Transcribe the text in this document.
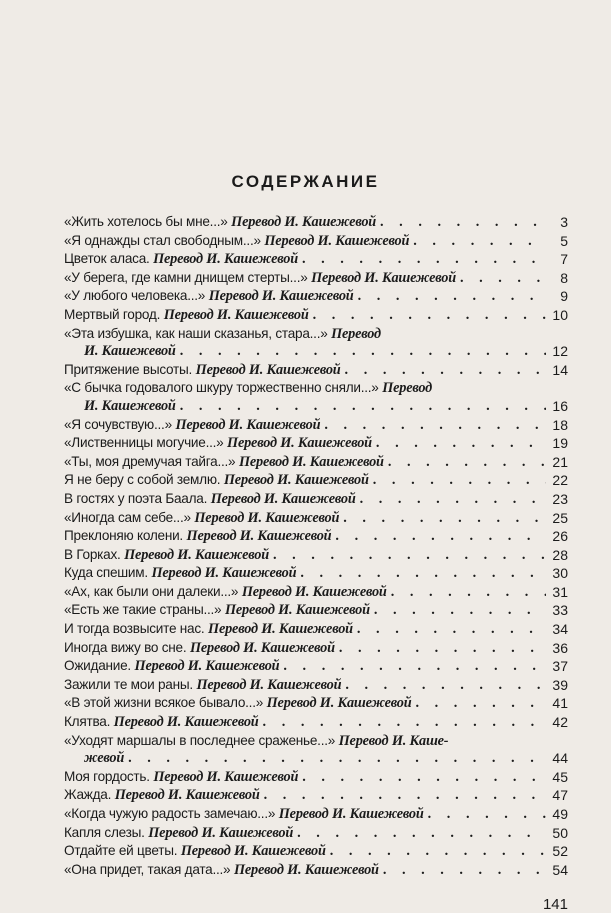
СОДЕРЖАНИЕ
«Жить хотелось бы мне...» Перевод И. Кашежевой . . .	3
«Я однажды стал свободным...» Перевод И. Кашежевой . . .	5
Цветок аласа. Перевод И. Кашежевой . . .	7
«У берега, где камни днищем стерты...» Перевод И. Кашежевой . . .	8
«У любого человека...» Перевод И. Кашежевой . . .	9
Мертвый город. Перевод И. Кашежевой . . .	10
«Эта избушка, как наши сказанья, стара...» Перевод
И. Кашежевой . . .	12
Притяжение высоты. Перевод И. Кашежевой . . .	14
«С бычка годовалого шкуру торжественно сняли...» Перевод
И. Кашежевой . . .	16
«Я сочувствую...» Перевод И. Кашежевой . . .	18
«Лиственницы могучие...» Перевод И. Кашежевой . . .	19
«Ты, моя дремучая тайга...» Перевод И. Кашежевой . . .	21
Я не беру с собой землю. Перевод И. Кашежевой . . .	22
В гостях у поэта Баала. Перевод И. Кашежевой . . .	23
«Иногда сам себе...» Перевод И. Кашежевой . . .	25
Преклоняю колени. Перевод И. Кашежевой . . .	26
В Горках. Перевод И. Кашежевой . . .	28
Куда спешим. Перевод И. Кашежевой . . .	30
«Ах, как были они далеки...» Перевод И. Кашежевой . . .	31
«Есть же такие страны...» Перевод И. Кашежевой . . .	33
И тогда возвысите нас. Перевод И. Кашежевой . . .	34
Иногда вижу во сне. Перевод И. Кашежевой . . .	36
Ожидание. Перевод И. Кашежевой . . .	37
Зажили те мои раны. Перевод И. Кашежевой . . .	39
«В этой жизни всякое бывало...» Перевод И. Кашежевой . . .	41
Клятва. Перевод И. Кашежевой . . .	42
«Уходят маршалы в последнее сраженье...» Перевод И. Каше-
жевой . . .	44
Моя гордость. Перевод И. Кашежевой . . .	45
Жажда. Перевод И. Кашежевой . . .	47
«Когда чужую радость замечаю...» Перевод И. Кашежевой . . .	49
Капля слезы. Перевод И. Кашежевой . . .	50
Отдайте ей цветы. Перевод И. Кашежевой . . .	52
«Она придет, такая дата...» Перевод И. Кашежевой . . .	54
141
